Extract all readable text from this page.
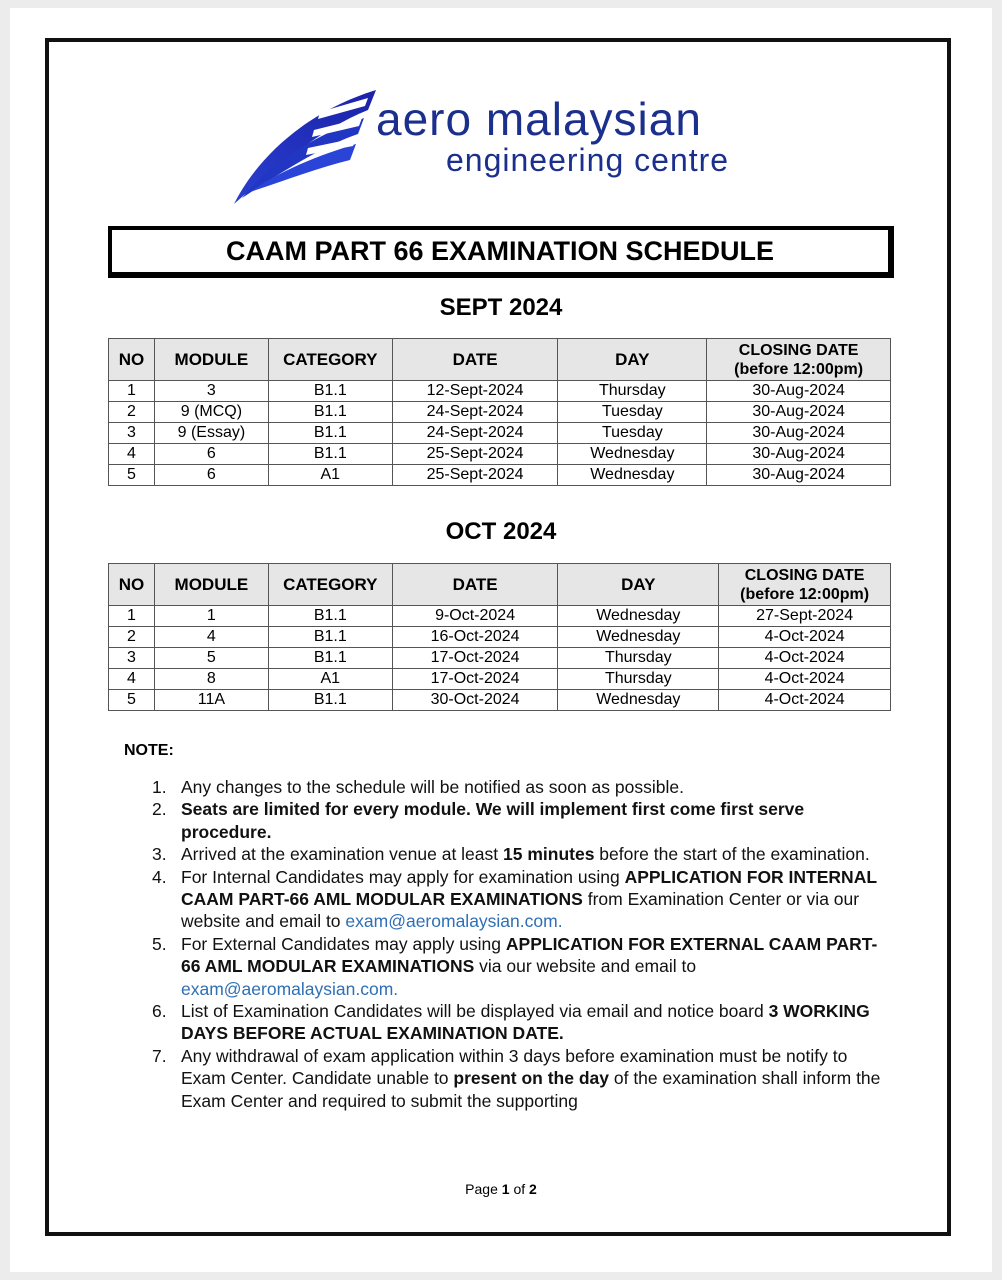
aero malaysian
engineering centre
CAAM PART 66 EXAMINATION SCHEDULE
SEPT 2024
NO	MODULE	CATEGORY	DATE	DAY	CLOSING DATE
(before 12:00pm)
1	3	B1.1	12-Sept-2024	Thursday	30-Aug-2024
2	9 (MCQ)	B1.1	24-Sept-2024	Tuesday	30-Aug-2024
3	9 (Essay)	B1.1	24-Sept-2024	Tuesday	30-Aug-2024
4	6	B1.1	25-Sept-2024	Wednesday	30-Aug-2024
5	6	A1	25-Sept-2024	Wednesday	30-Aug-2024
OCT 2024
NO	MODULE	CATEGORY	DATE	DAY	CLOSING DATE
(before 12:00pm)
1	1	B1.1	9-Oct-2024	Wednesday	27-Sept-2024
2	4	B1.1	16-Oct-2024	Wednesday	4-Oct-2024
3	5	B1.1	17-Oct-2024	Thursday	4-Oct-2024
4	8	A1	17-Oct-2024	Thursday	4-Oct-2024
5	11A	B1.1	30-Oct-2024	Wednesday	4-Oct-2024
NOTE:
1. Any changes to the schedule will be notified as soon as possible.
2. Seats are limited for every module. We will implement first come first serve procedure.
3. Arrived at the examination venue at least 15 minutes before the start of the examination.
4. For Internal Candidates may apply for examination using APPLICATION FOR INTERNAL CAAM PART-66 AML MODULAR EXAMINATIONS from Examination Center or via our website and email to exam@aeromalaysian.com.
5. For External Candidates may apply using APPLICATION FOR EXTERNAL CAAM PART-66 AML MODULAR EXAMINATIONS via our website and email to exam@aeromalaysian.com.
6. List of Examination Candidates will be displayed via email and notice board 3 WORKING DAYS BEFORE ACTUAL EXAMINATION DATE.
7. Any withdrawal of exam application within 3 days before examination must be notify to Exam Center. Candidate unable to present on the day of the examination shall inform the Exam Center and required to submit the supporting
Page 1 of 2
